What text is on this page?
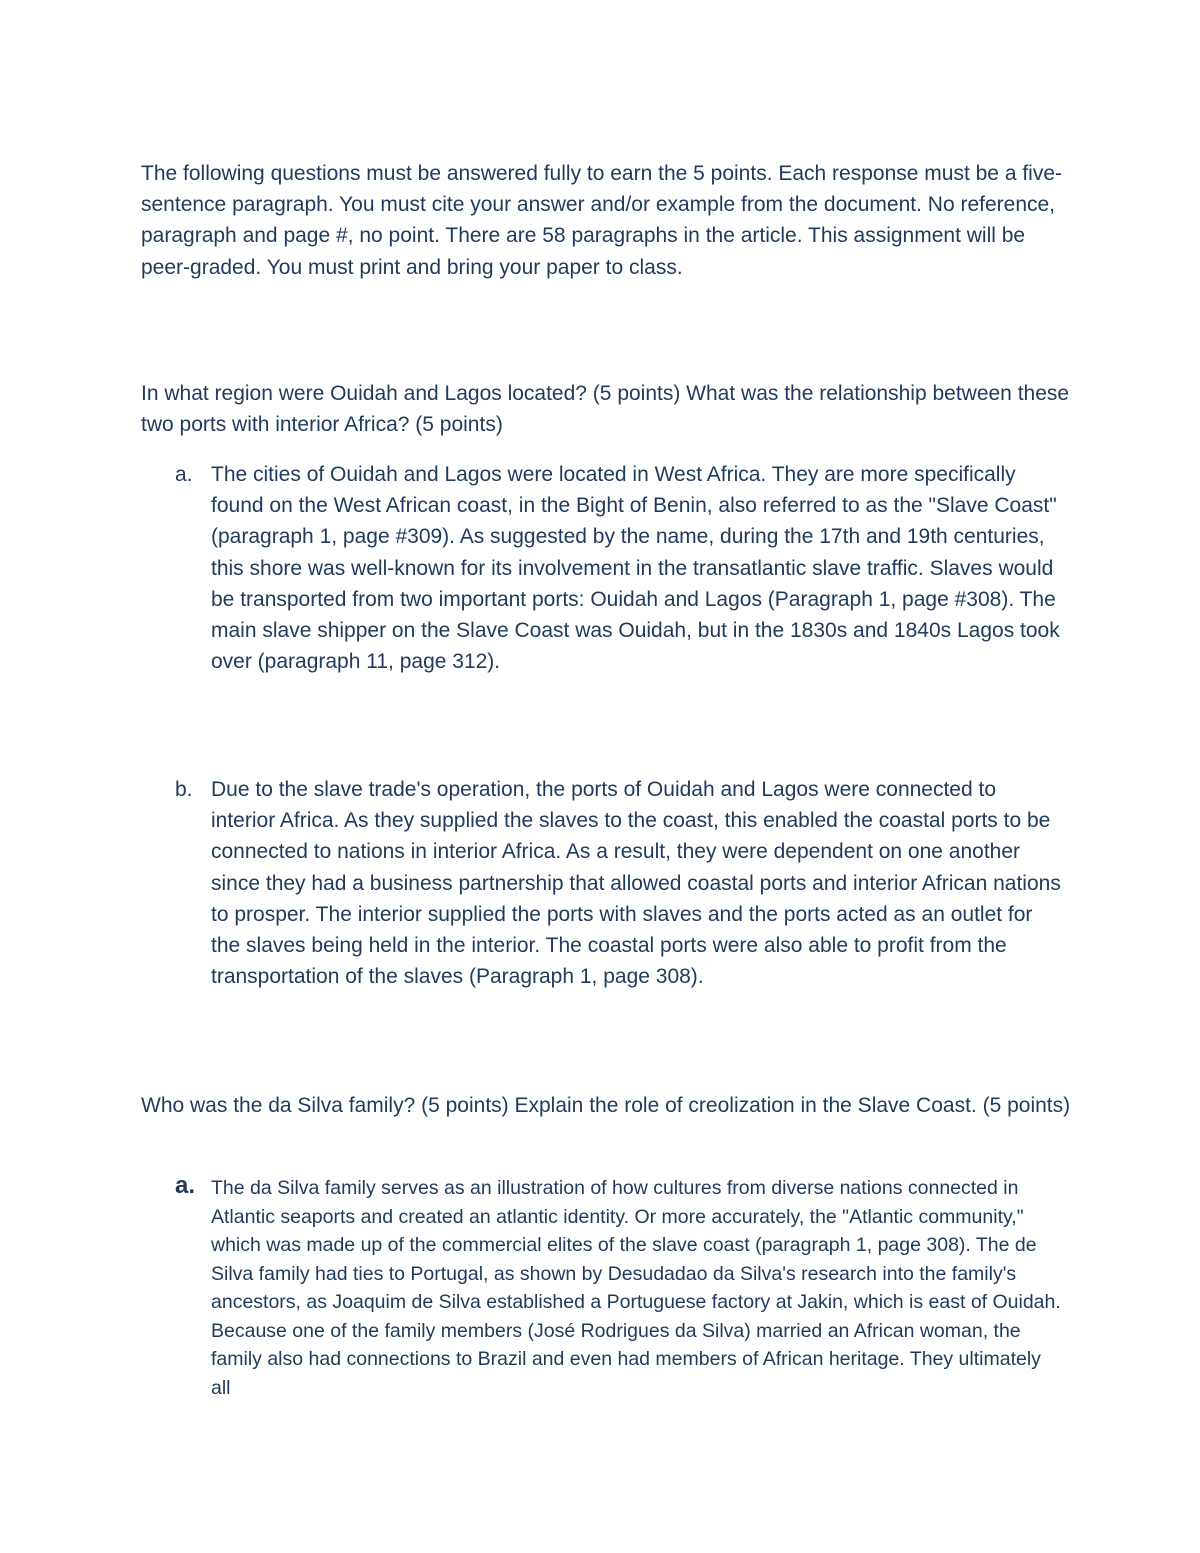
The following questions must be answered fully to earn the 5 points. Each response must be a five-sentence paragraph. You must cite your answer and/or example from the document. No reference, paragraph and page #, no point. There are 58 paragraphs in the article. This assignment will be peer-graded. You must print and bring your paper to class.

In what region were Ouidah and Lagos located? (5 points) What was the relationship between these two ports with interior Africa? (5 points)

a. The cities of Ouidah and Lagos were located in West Africa. They are more specifically found on the West African coast, in the Bight of Benin, also referred to as the "Slave Coast" (paragraph 1, page #309). As suggested by the name, during the 17th and 19th centuries, this shore was well-known for its involvement in the transatlantic slave traffic. Slaves would be transported from two important ports: Ouidah and Lagos (Paragraph 1, page #308). The main slave shipper on the Slave Coast was Ouidah, but in the 1830s and 1840s Lagos took over (paragraph 11, page 312).
b. Due to the slave trade's operation, the ports of Ouidah and Lagos were connected to interior Africa. As they supplied the slaves to the coast, this enabled the coastal ports to be connected to nations in interior Africa. As a result, they were dependent on one another since they had a business partnership that allowed coastal ports and interior African nations to prosper. The interior supplied the ports with slaves and the ports acted as an outlet for the slaves being held in the interior. The coastal ports were also able to profit from the transportation of the slaves (Paragraph 1, page 308).

Who was the da Silva family? (5 points) Explain the role of creolization in the Slave Coast. (5 points)

a. The da Silva family serves as an illustration of how cultures from diverse nations connected in Atlantic seaports and created an atlantic identity. Or more accurately, the "Atlantic community," which was made up of the commercial elites of the slave coast (paragraph 1, page 308). The de Silva family had ties to Portugal, as shown by Desudadao da Silva's research into the family's ancestors, as Joaquim de Silva established a Portuguese factory at Jakin, which is east of Ouidah. Because one of the family members (José Rodrigues da Silva) married an African woman, the family also had connections to Brazil and even had members of African heritage. They ultimately all
